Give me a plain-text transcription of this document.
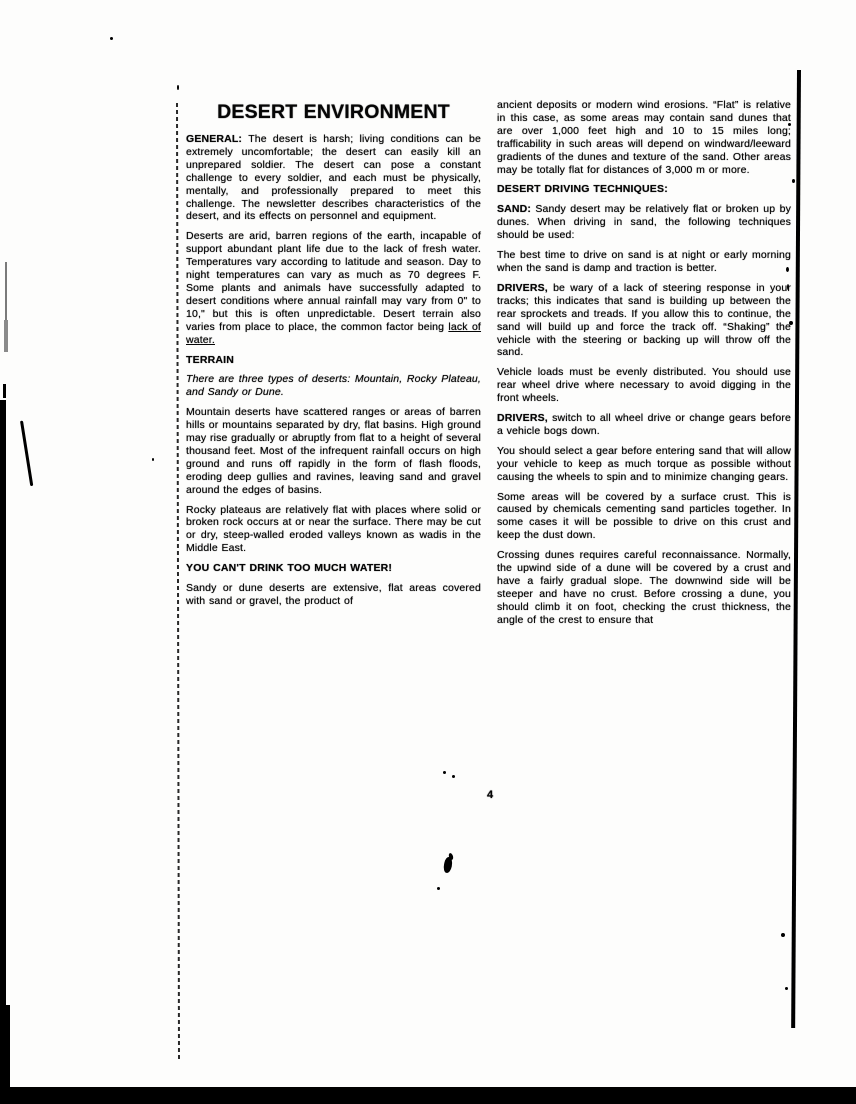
DESERT ENVIRONMENT

GENERAL: The desert is harsh; living conditions can be extremely uncomfortable; the desert can easily kill an unprepared soldier. The desert can pose a constant challenge to every soldier, and each must be physically, mentally, and professionally prepared to meet this challenge. The newsletter describes characteristics of the desert, and its effects on personnel and equipment.

Deserts are arid, barren regions of the earth, incapable of support abundant plant life due to the lack of fresh water. Temperatures vary according to latitude and season. Day to night temperatures can vary as much as 70 degrees F. Some plants and animals have successfully adapted to desert conditions where annual rainfall may vary from 0" to 10," but this is often unpredictable. Desert terrain also varies from place to place, the common factor being lack of water.

TERRAIN

There are three types of deserts: Mountain, Rocky Plateau, and Sandy or Dune.

Mountain deserts have scattered ranges or areas of barren hills or mountains separated by dry, flat basins. High ground may rise gradually or abruptly from flat to a height of several thousand feet. Most of the infrequent rainfall occurs on high ground and runs off rapidly in the form of flash floods, eroding deep gullies and ravines, leaving sand and gravel around the edges of basins.

Rocky plateaus are relatively flat with places where solid or broken rock occurs at or near the surface. There may be cut or dry, steep-walled eroded valleys known as wadis in the Middle East.

YOU CAN'T DRINK TOO MUCH WATER!

Sandy or dune deserts are extensive, flat areas covered with sand or gravel, the product of

ancient deposits or modern wind erosions. “Flat” is relative in this case, as some areas may contain sand dunes that are over 1,000 feet high and 10 to 15 miles long; trafficability in such areas will depend on windward/leeward gradients of the dunes and texture of the sand. Other areas may be totally flat for distances of 3,000 m or more.

DESERT DRIVING TECHNIQUES:

SAND: Sandy desert may be relatively flat or broken up by dunes. When driving in sand, the following techniques should be used:

The best time to drive on sand is at night or early morning when the sand is damp and traction is better.

DRIVERS, be wary of a lack of steering response in your tracks; this indicates that sand is building up between the rear sprockets and treads. If you allow this to continue, the sand will build up and force the track off. “Shaking” the vehicle with the steering or backing up will throw off the sand.

Vehicle loads must be evenly distributed. You should use rear wheel drive where necessary to avoid digging in the front wheels.

DRIVERS, switch to all wheel drive or change gears before a vehicle bogs down.

You should select a gear before entering sand that will allow your vehicle to keep as much torque as possible without causing the wheels to spin and to minimize changing gears.

Some areas will be covered by a surface crust. This is caused by chemicals cementing sand particles together. In some cases it will be possible to drive on this crust and keep the dust down.

Crossing dunes requires careful reconnaissance. Normally, the upwind side of a dune will be covered by a crust and have a fairly gradual slope. The downwind side will be steeper and have no crust. Before crossing a dune, you should climb it on foot, checking the crust thickness, the angle of the crest to ensure that

4
